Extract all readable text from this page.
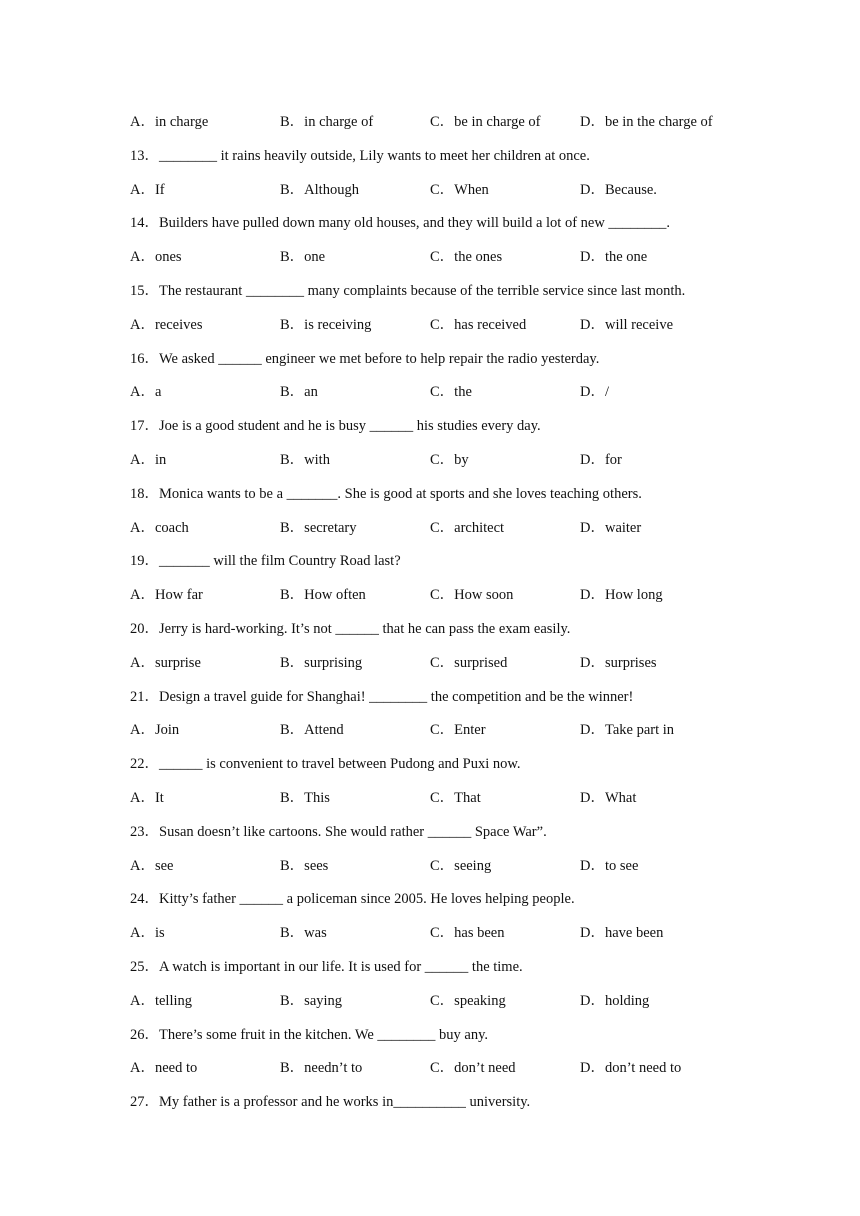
A．in charge	B．in charge of	C．be in charge of	D．be in the charge of
13．________ it rains heavily outside, Lily wants to meet her children at once.
A．If	B．Although	C．When	D．Because.
14．Builders have pulled down many old houses, and they will build a lot of new ________.
A．ones	B．one	C．the ones	D．the one
15．The restaurant ________ many complaints because of the terrible service since last month.
A．receives	B．is receiving	C．has received	D．will receive
16．We asked ______ engineer we met before to help repair the radio yesterday.
A．a	B．an	C．the	D．/
17．Joe is a good student and he is busy ______ his studies every day.
A．in	B．with	C．by	D．for
18．Monica wants to be a _______. She is good at sports and she loves teaching others.
A．coach	B．secretary	C．architect	D．waiter
19．_______ will the film Country Road last?
A．How far	B．How often	C．How soon	D．How long
20．Jerry is hard-working. It’s not ______ that he can pass the exam easily.
A．surprise	B．surprising	C．surprised	D．surprises
21．Design a travel guide for Shanghai! ________ the competition and be the winner!
A．Join	B．Attend	C．Enter	D．Take part in
22．______ is convenient to travel between Pudong and Puxi now.
A．It	B．This	C．That	D．What
23．Susan doesn’t like cartoons. She would rather ______ Space War”.
A．see	B．sees	C．seeing	D．to see
24．Kitty’s father ______ a policeman since 2005. He loves helping people.
A．is	B．was	C．has been	D．have been
25．A watch is important in our life. It is used for ______ the time.
A．telling	B．saying	C．speaking	D．holding
26．There’s some fruit in the kitchen. We ________ buy any.
A．need to	B．needn’t to	C．don’t need	D．don’t need to
27．My father is a professor and he works in__________ university.
